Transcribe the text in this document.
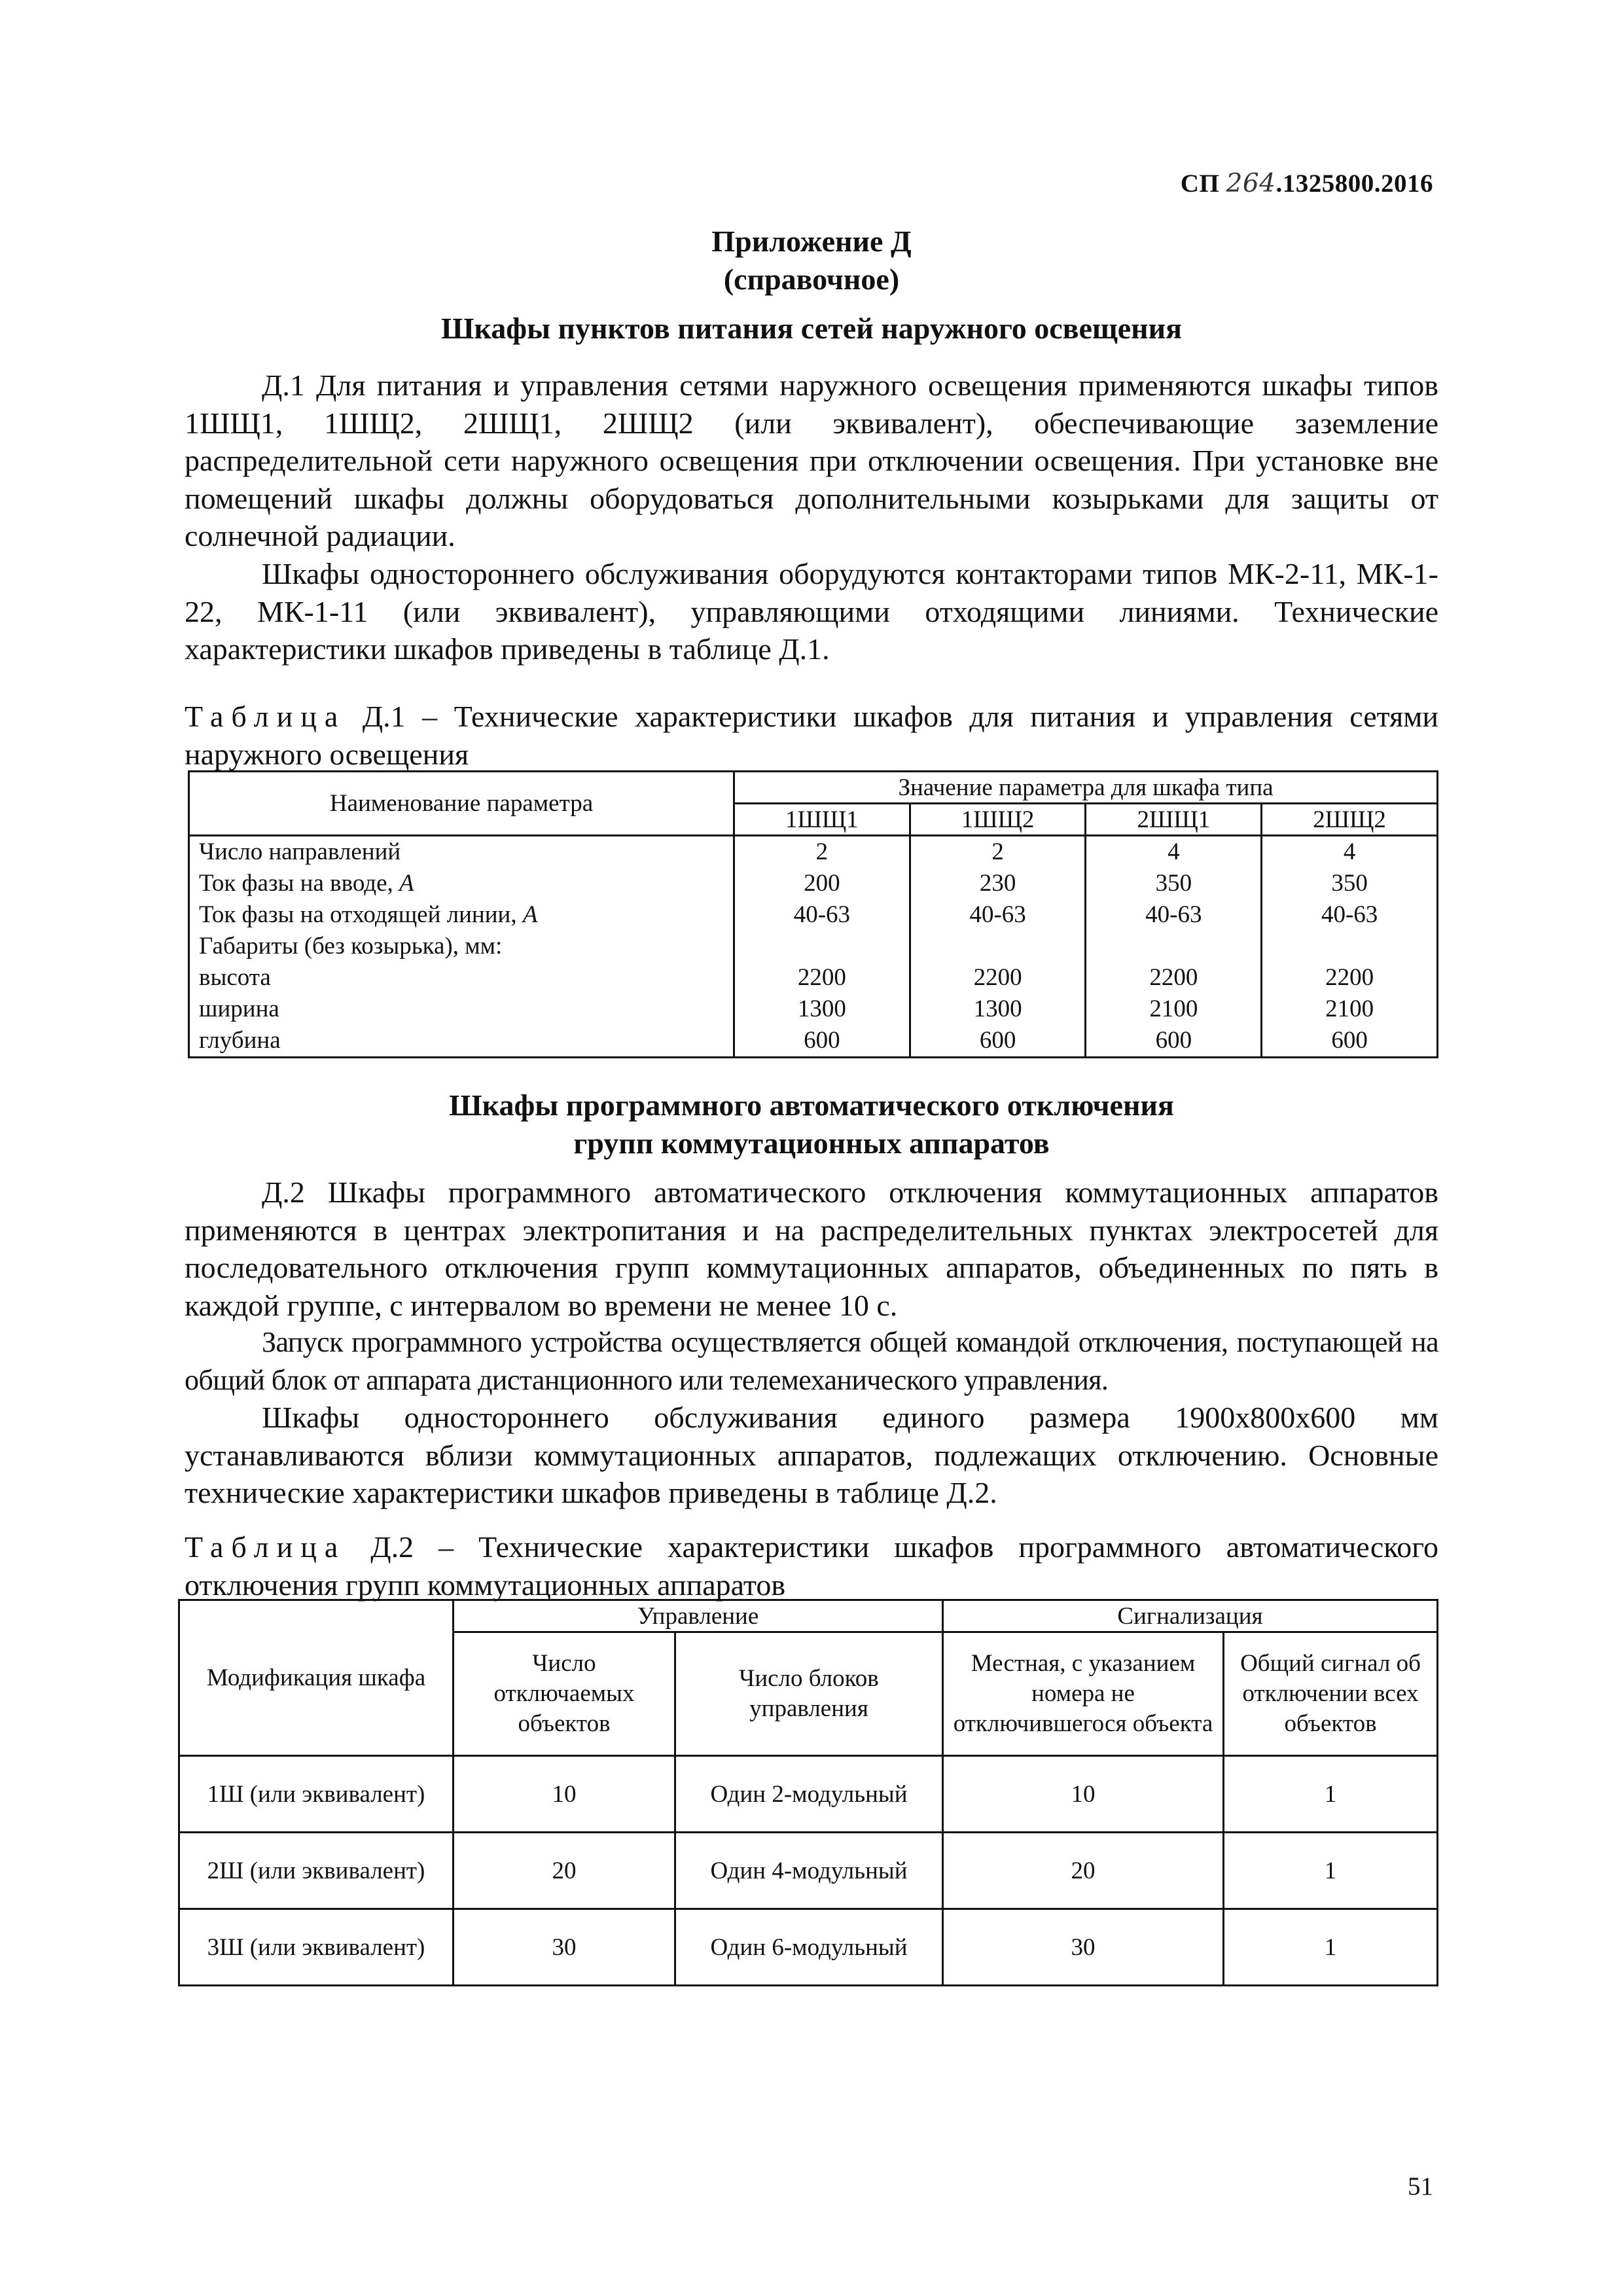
СП 264.1325800.2016
Приложение Д
(справочное)
Шкафы пунктов питания сетей наружного освещения

Д.1 Для питания и управления сетями наружного освещения применяются шкафы типов 1ШЩ1, 1ШЩ2, 2ШЩ1, 2ШЩ2 (или эквивалент), обеспечивающие заземление распределительной сети наружного освещения при отключении освещения. При установке вне помещений шкафы должны оборудоваться дополнительными козырьками для защиты от солнечной радиации.

Шкафы одностороннего обслуживания оборудуются контакторами типов МК-2-11, МК-1-22, МК-1-11 (или эквивалент), управляющими отходящими линиями. Технические характеристики шкафов приведены в таблице Д.1.

Таблица Д.1 – Технические характеристики шкафов для питания и управления сетями наружного освещения

Наименование параметра	Значение параметра для шкафа типа			
	1ШЩ1	1ШЩ2	2ШЩ1	2ШЩ2
Число направлений	2	2	4	4
Ток фазы на вводе, А	200	230	350	350
Ток фазы на отходящей линии, А	40-63	40-63	40-63	40-63
Габариты (без козырька), мм:				
высота	2200	2200	2200	2200
ширина	1300	1300	2100	2100
глубина	600	600	600	600
Шкафы программного автоматического отключения
групп коммутационных аппаратов

Д.2 Шкафы программного автоматического отключения коммутационных аппаратов применяются в центрах электропитания и на распределительных пунктах электросетей для последовательного отключения групп коммутационных аппаратов, объединенных по пять в каждой группе, с интервалом во времени не менее 10 с.

Запуск программного устройства осуществляется общей командой отключения, поступающей на общий блок от аппарата дистанционного или телемеханического управления.

Шкафы одностороннего обслуживания единого размера 1900х800х600 мм устанавливаются вблизи коммутационных аппаратов, подлежащих отключению. Основные технические характеристики шкафов приведены в таблице Д.2.

Таблица Д.2 – Технические характеристики шкафов программного автоматического отключения групп коммутационных аппаратов

Модификация шкафа	Управление		Сигнализация	
	Число отключаемых объектов	Число блоков управления	Местная, с указанием номера не отключившегося объекта	Общий сигнал об отключении всех объектов
1Ш (или эквивалент)	10	Один 2-модульный	10	1
2Ш (или эквивалент)	20	Один 4-модульный	20	1
3Ш (или эквивалент)	30	Один 6-модульный	30	1
51
